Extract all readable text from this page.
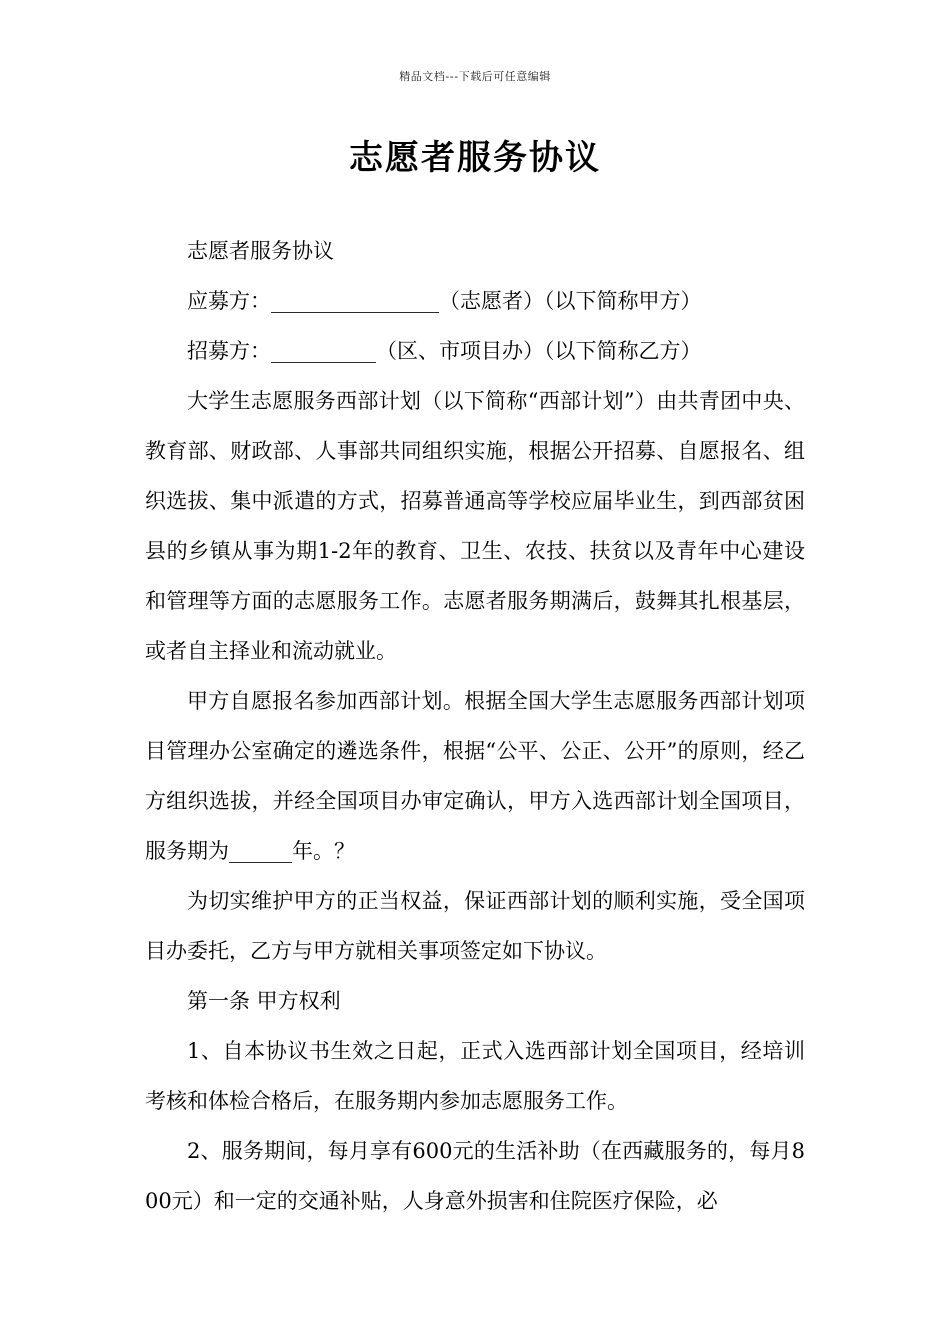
精品文档---下载后可任意编辑
志愿者服务协议

志愿者服务协议

应募方：________________（志愿者）（以下简称甲方）

招募方：__________（区、市项目办）（以下简称乙方）

大学生志愿服务西部计划（以下简称“西部计划”）由共青团中央、教育部、财政部、人事部共同组织实施，根据公开招募、自愿报名、组织选拔、集中派遣的方式，招募普通高等学校应届毕业生，到西部贫困县的乡镇从事为期1-2年的教育、卫生、农技、扶贫以及青年中心建设和管理等方面的志愿服务工作。志愿者服务期满后，鼓舞其扎根基层，或者自主择业和流动就业。

甲方自愿报名参加西部计划。根据全国大学生志愿服务西部计划项目管理办公室确定的遴选条件，根据“公平、公正、公开”的原则，经乙方组织选拔，并经全国项目办审定确认，甲方入选西部计划全国项目，服务期为______年。？

为切实维护甲方的正当权益，保证西部计划的顺利实施，受全国项目办委托，乙方与甲方就相关事项签定如下协议。

第一条 甲方权利

1、自本协议书生效之日起，正式入选西部计划全国项目，经培训考核和体检合格后，在服务期内参加志愿服务工作。

2、服务期间，每月享有600元的生活补助（在西藏服务的，每月800元）和一定的交通补贴，人身意外损害和住院医疗保险，必
